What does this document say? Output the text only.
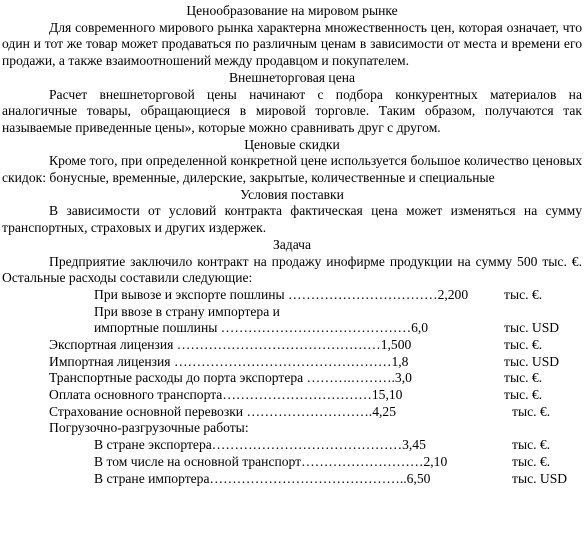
Ценообразование на мировом рынке

Для современного мирового рынка характерна множественность цен, которая означает, что один и тот же товар может продаваться по различным ценам в зависимости от места и времени его продажи, а также взаимоотношений между продавцом и покупателем.

Внешнеторговая цена

Расчет внешнеторговой цены начинают с подбора конкурентных материалов на аналогичные товары, обращающиеся в мировой торговле. Таким образом, получаются так называемые приведенные цены», которые можно сравнивать друг с другом.

Ценовые скидки

Кроме того, при определенной конкретной цене используется большое количество ценовых скидок: бонусные, временные, дилерские, закрытые, количественные и специальные

Условия поставки

В зависимости от условий контракта фактическая цена может изменяться на сумму транспортных, страховых и других издержек.

Задача

Предприятие заключило контракт на продажу инофирме продукции на сумму 500 тыс. €. Остальные расходы составили следующие:

При вывозе и экспорте пошлины ……………………………2,200	тыс. €.
При ввозе в страну импортера и
импортные пошлины ……………………………………6,0	тыс. USD
Экспортная лицензия ………………………………………1,500	тыс. €.
Импортная лицензия …………………………………………1,8	тыс. USD
Транспортные расходы до порта экспортера ……….……….3,0	тыс. €.
Оплата основного транспорта……………………………15,10	тыс. €.
Страхование основной перевозки ……………………….4,25	тыс. €.
Погрузочно-разгрузочные работы:
В стране экспортера……………………………………3,45	тыс. €.
В том числе на основной транспорт………………………2,10	тыс. €.
В стране импортера……………………………………..6,50	тыс. USD
